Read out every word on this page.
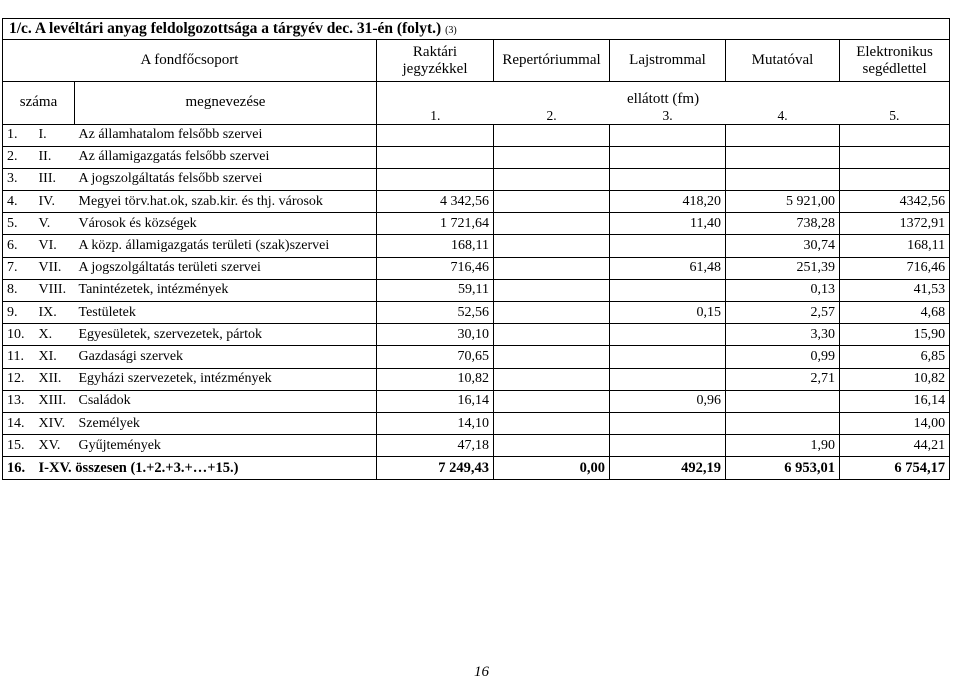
1/c. A levéltári anyag feldolgozottsága a tárgyév dec. 31-én (folyt.) (3)							
A fondfőcsoport			Raktári jegyzékkel	Repertóriummal	Lajstrommal	Mutatóval	Elektronikus segédlettel
száma		megnevezése	ellátott (fm)				
			1.	2.	3.	4.	5.
1.	I.	Az államhatalom felsőbb szervei					
2.	II.	Az államigazgatás felsőbb szervei					
3.	III.	A jogszolgáltatás felsőbb szervei					
4.	IV.	Megyei törv.hat.ok, szab.kir. és thj. városok	4 342,56		418,20	5 921,00	4342,56
5.	V.	Városok és községek	1 721,64		11,40	738,28	1372,91
6.	VI.	A közp. államigazgatás területi (szak)szervei	168,11			30,74	168,11
7.	VII.	A jogszolgáltatás területi szervei	716,46		61,48	251,39	716,46
8.	VIII.	Tanintézetek, intézmények	59,11			0,13	41,53
9.	IX.	Testületek	52,56		0,15	2,57	4,68
10.	X.	Egyesületek, szervezetek, pártok	30,10			3,30	15,90
11.	XI.	Gazdasági szervek	70,65			0,99	6,85
12.	XII.	Egyházi szervezetek, intézmények	10,82			2,71	10,82
13.	XIII.	Családok	16,14		0,96		16,14
14.	XIV.	Személyek	14,10				14,00
15.	XV.	Gyűjtemények	47,18			1,90	44,21
16.	I-XV. összesen (1.+2.+3.+…+15.)		7 249,43	0,00	492,19	6 953,01	6 754,17
16
